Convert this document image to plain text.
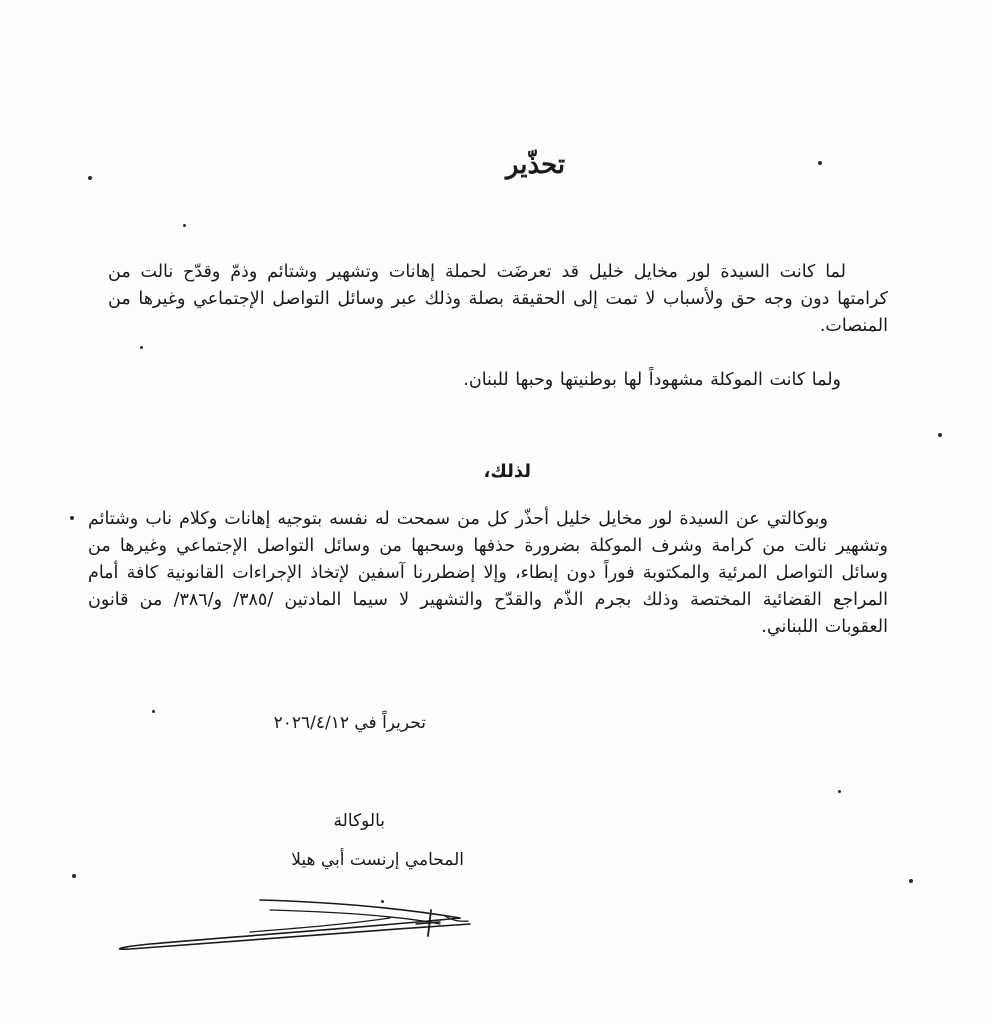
تحذّير
لما كانت السيدة لور مخايل خليل قد تعرضَت لحملة إهانات وتشهير وشتائم وذمّ وقدّح نالت من كرامتها دون وجه حق ولأسباب لا تمت إلى الحقيقة بصلة وذلك عبر وسائل التواصل الإجتماعي وغيرها من المنصات.
ولما كانت الموكلة مشهوداً لها بوطنيتها وحبها للبنان.
لذلك،
وبوكالتي عن السيدة لور مخايل خليل أحذّر كل من سمحت له نفسه بتوجيه إهانات وكلام ناب وشتائم وتشهير نالت من كرامة وشرف الموكلة بضرورة حذفها وسحبها من وسائل التواصل الإجتماعي وغيرها من وسائل التواصل المرئية والمكتوبة فوراً دون إبطاء، وإلا إضطررنا آسفين لإتخاذ الإجراءات القانونية كافة أمام المراجع القضائية المختصة وذلك بجرم الذّم والقدّح والتشهير لا سيما المادتين /٣٨٥/ و/٣٨٦/ من قانون العقوبات اللبناني.
تحريراً في ٢٠٢٦/٤/١٢
بالوكالة
المحامي إرنست أبي هيلا
